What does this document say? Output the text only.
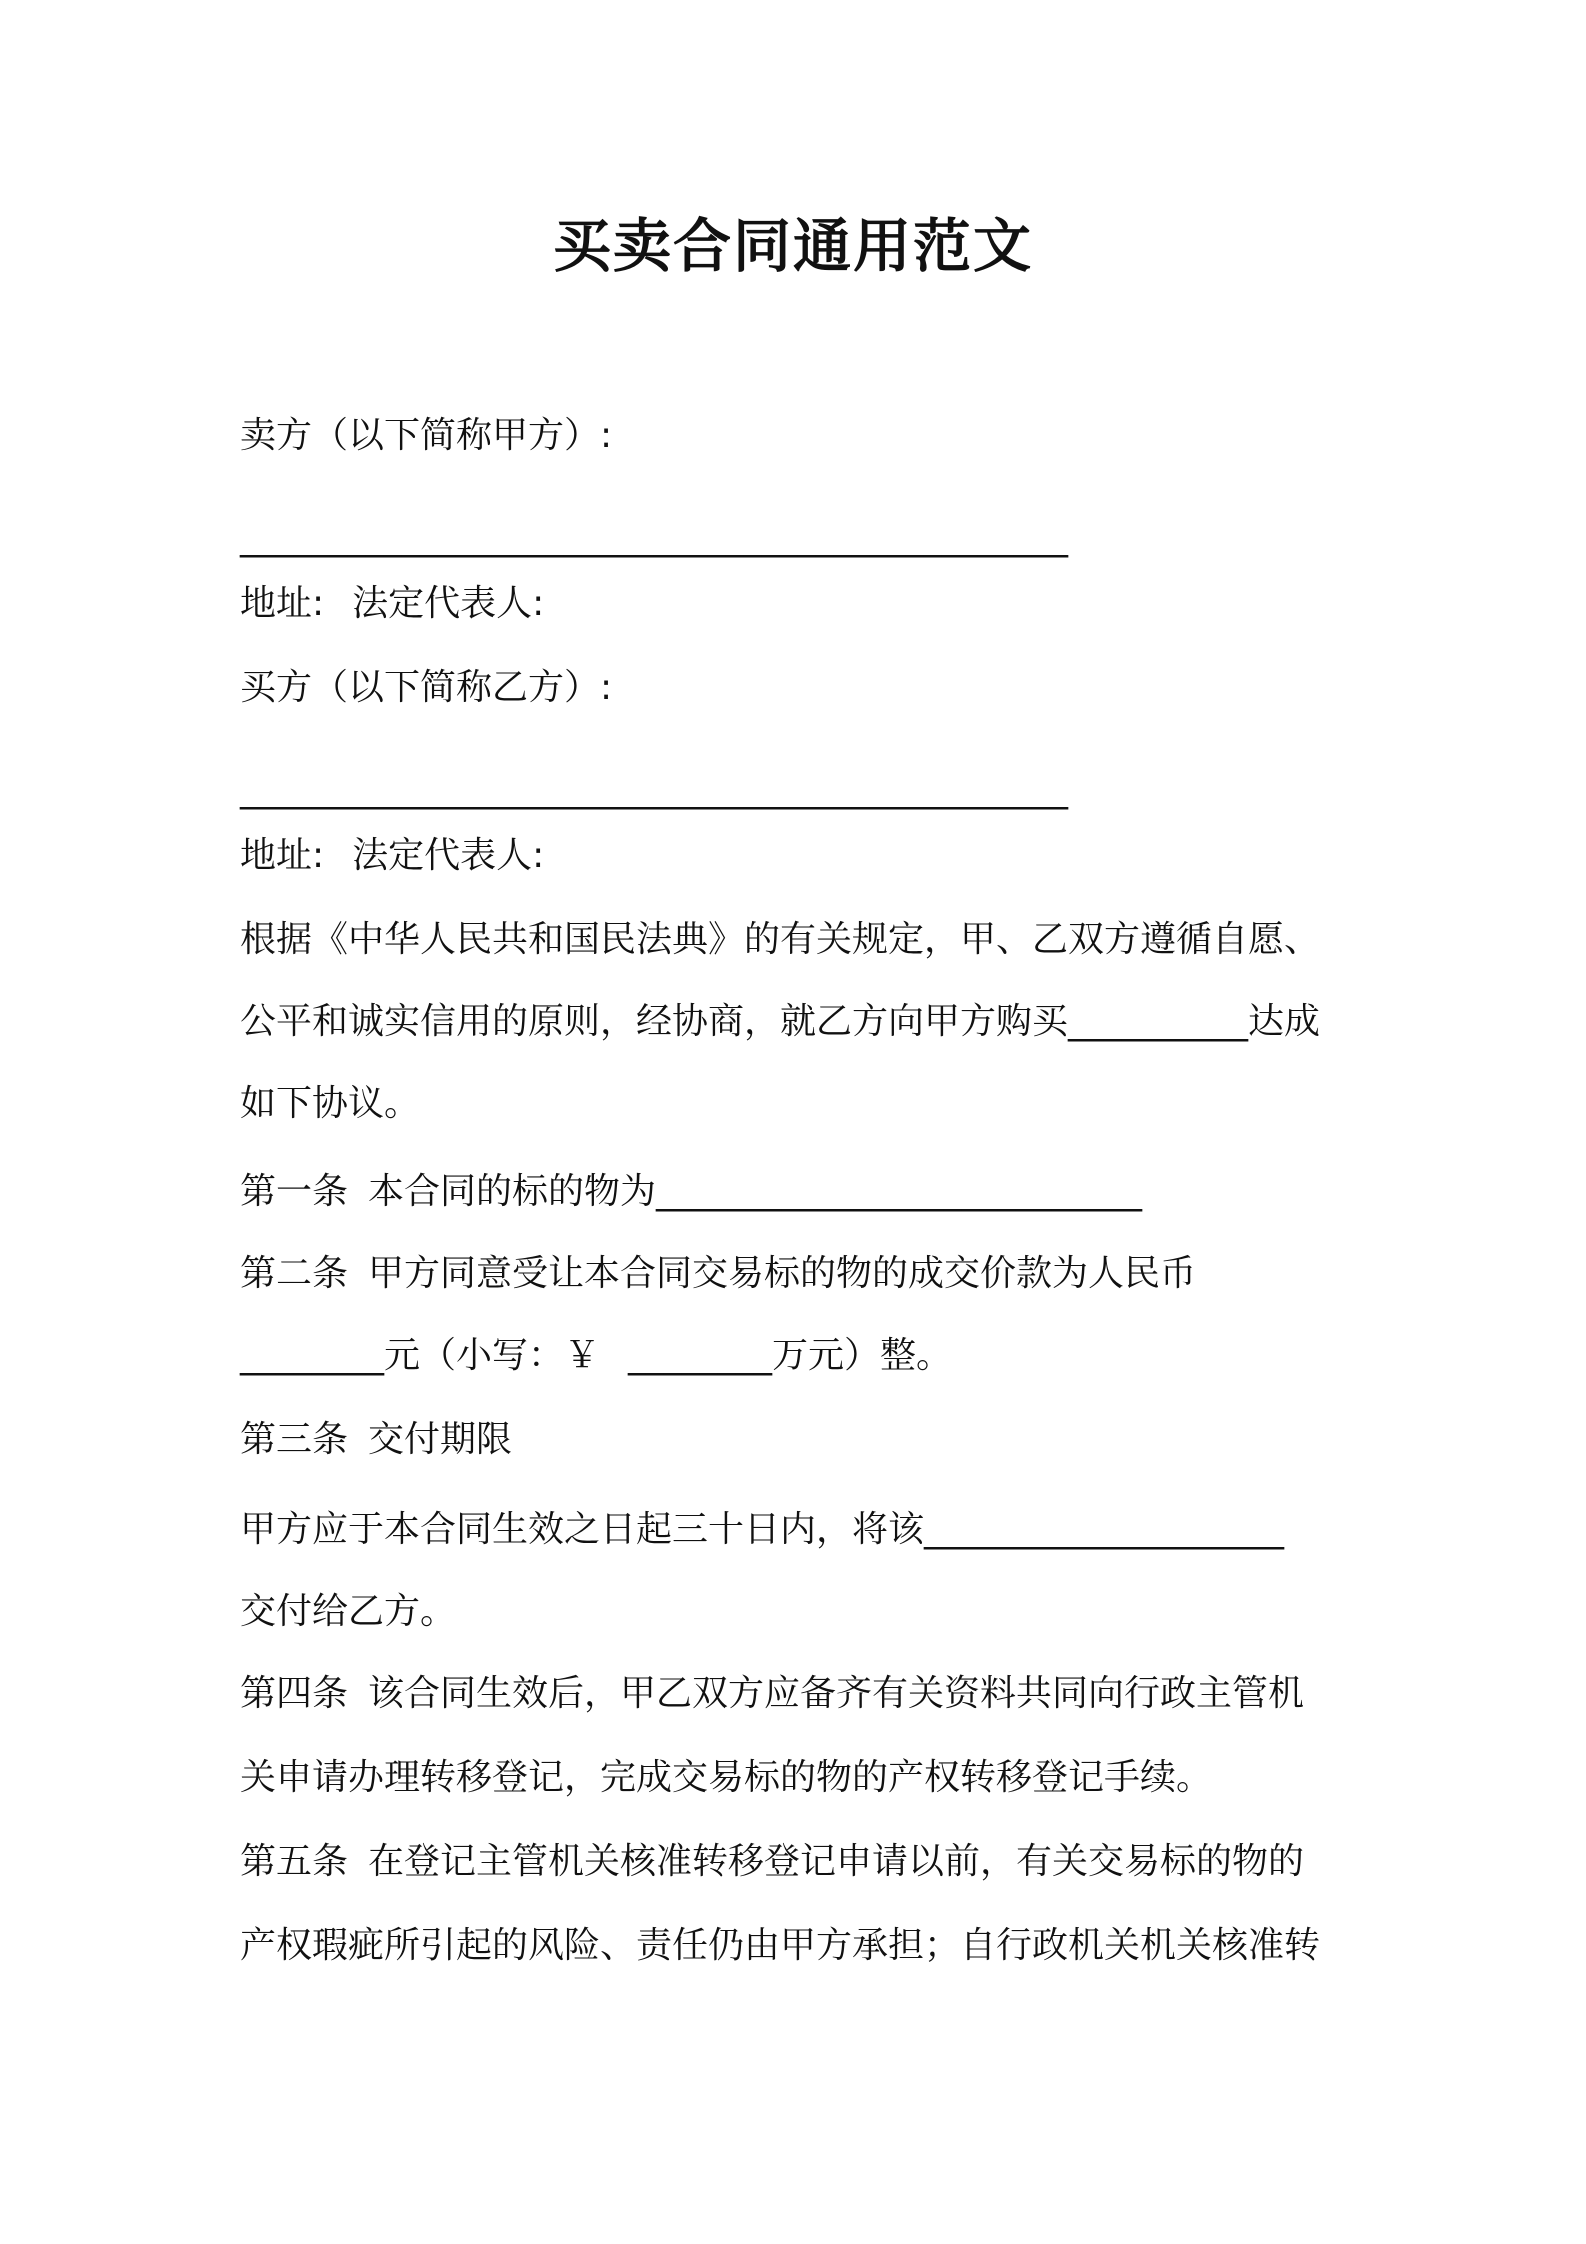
买卖合同通用范文
卖方（以下简称甲方）:
______________________________________________
地址: 法定代表人:
买方（以下简称乙方）:
______________________________________________
地址: 法定代表人:
根据《中华人民共和国民法典》的有关规定，甲、乙双方遵循自愿、
公平和诚实信用的原则，经协商，就乙方向甲方购买__________达成
如下协议。
第一条 本合同的标的物为___________________________
第二条 甲方同意受让本合同交易标的物的成交价款为人民币
________元（小写：￥ ________万元）整。
第三条 交付期限
甲方应于本合同生效之日起三十日内，将该____________________
交付给乙方。
第四条 该合同生效后，甲乙双方应备齐有关资料共同向行政主管机
关申请办理转移登记，完成交易标的物的产权转移登记手续。
第五条 在登记主管机关核准转移登记申请以前，有关交易标的物的
产权瑕疵所引起的风险、责任仍由甲方承担；自行政机关机关核准转
